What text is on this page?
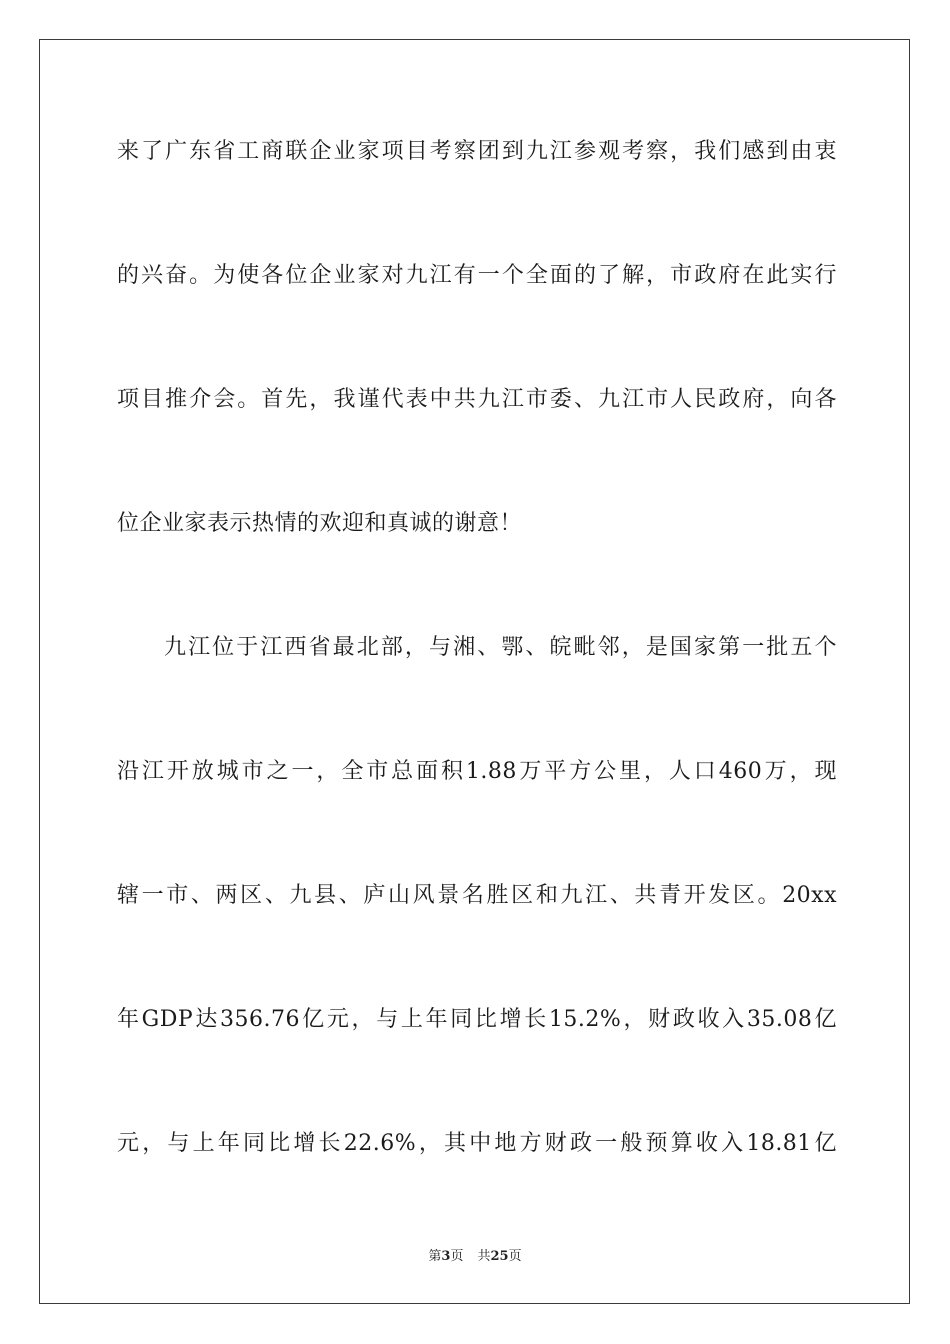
来了广东省工商联企业家项目考察团到九江参观考察，我们感到由衷
的兴奋。为使各位企业家对九江有一个全面的了解，市政府在此实行
项目推介会。首先，我谨代表中共九江市委、九江市人民政府，向各
位企业家表示热情的欢迎和真诚的谢意！
九江位于江西省最北部，与湘、鄂、皖毗邻，是国家第一批五个
沿江开放城市之一，全市总面积1.88万平方公里，人口460万，现
辖一市、两区、九县、庐山风景名胜区和九江、共青开发区。20xx
年GDP达356.76亿元，与上年同比增长15.2%，财政收入35.08亿
元，与上年同比增长22.6%，其中地方财政一般预算收入18.81亿
第3页 共25页
